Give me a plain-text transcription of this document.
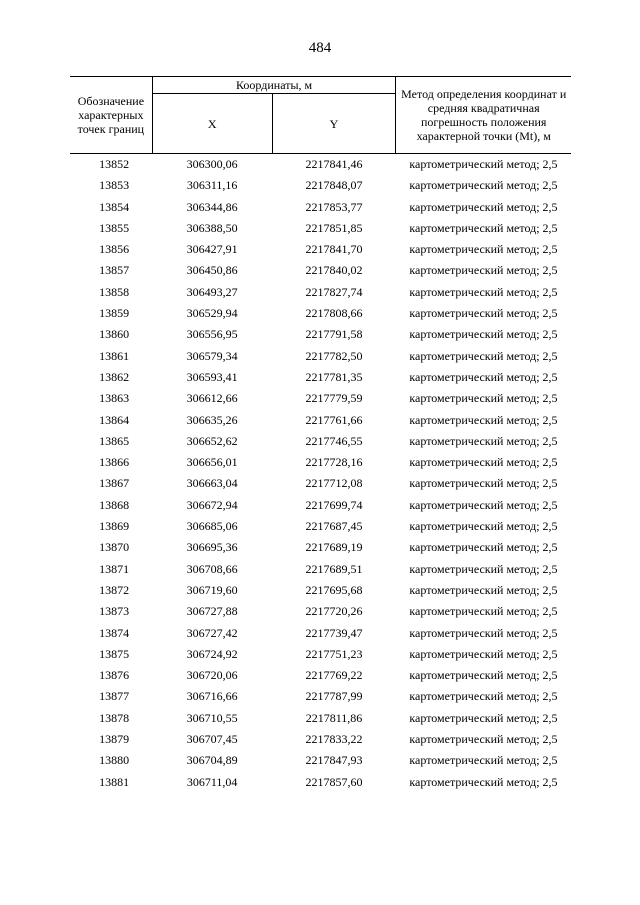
484
Обозначение характерных точек границ	Координаты, м		Метод определения координат и средняя квадратичная погрешность положения характерной точки (Mt), м
	X	Y	
13852	306300,06	2217841,46	картометрический метод; 2,5
13853	306311,16	2217848,07	картометрический метод; 2,5
13854	306344,86	2217853,77	картометрический метод; 2,5
13855	306388,50	2217851,85	картометрический метод; 2,5
13856	306427,91	2217841,70	картометрический метод; 2,5
13857	306450,86	2217840,02	картометрический метод; 2,5
13858	306493,27	2217827,74	картометрический метод; 2,5
13859	306529,94	2217808,66	картометрический метод; 2,5
13860	306556,95	2217791,58	картометрический метод; 2,5
13861	306579,34	2217782,50	картометрический метод; 2,5
13862	306593,41	2217781,35	картометрический метод; 2,5
13863	306612,66	2217779,59	картометрический метод; 2,5
13864	306635,26	2217761,66	картометрический метод; 2,5
13865	306652,62	2217746,55	картометрический метод; 2,5
13866	306656,01	2217728,16	картометрический метод; 2,5
13867	306663,04	2217712,08	картометрический метод; 2,5
13868	306672,94	2217699,74	картометрический метод; 2,5
13869	306685,06	2217687,45	картометрический метод; 2,5
13870	306695,36	2217689,19	картометрический метод; 2,5
13871	306708,66	2217689,51	картометрический метод; 2,5
13872	306719,60	2217695,68	картометрический метод; 2,5
13873	306727,88	2217720,26	картометрический метод; 2,5
13874	306727,42	2217739,47	картометрический метод; 2,5
13875	306724,92	2217751,23	картометрический метод; 2,5
13876	306720,06	2217769,22	картометрический метод; 2,5
13877	306716,66	2217787,99	картометрический метод; 2,5
13878	306710,55	2217811,86	картометрический метод; 2,5
13879	306707,45	2217833,22	картометрический метод; 2,5
13880	306704,89	2217847,93	картометрический метод; 2,5
13881	306711,04	2217857,60	картометрический метод; 2,5
